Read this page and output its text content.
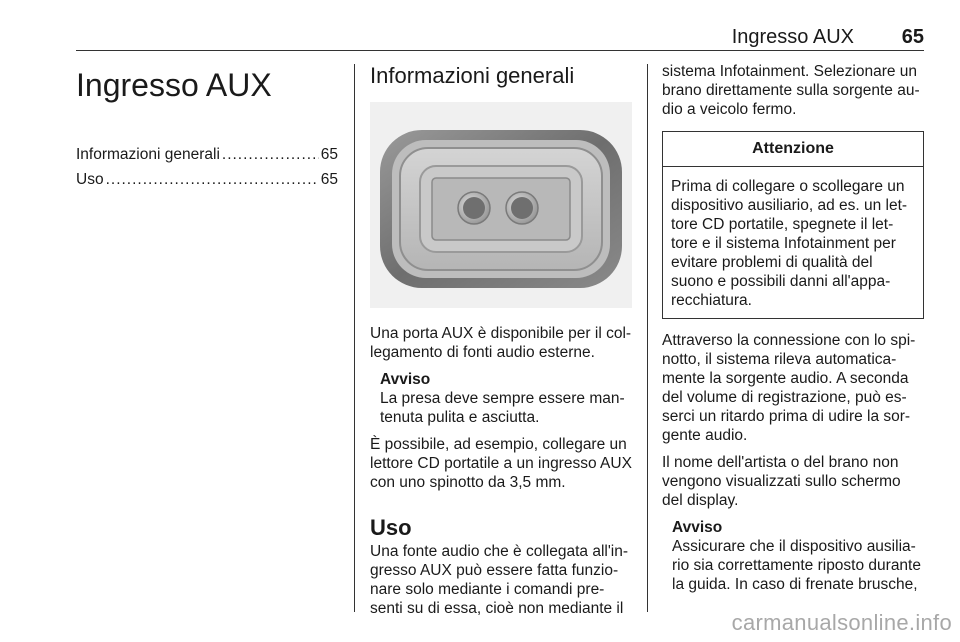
Ingresso AUX 65
Ingresso AUX
Informazioni generali .....	65
Uso .....	65
Informazioni generali

Una porta AUX è disponibile per il col-legamento di fonti audio esterne.

Avviso

La presa deve sempre essere man-tenuta pulita e asciutta.

È possibile, ad esempio, collegare un lettore CD portatile a un ingresso AUX con uno spinotto da 3,5 mm.

Uso

Una fonte audio che è collegata all'in-gresso AUX può essere fatta funzio-nare solo mediante i comandi pre-senti su di essa, cioè non mediante il

sistema Infotainment. Selezionare un brano direttamente sulla sorgente au-dio a veicolo fermo.

Attenzione
Prima di collegare o scollegare un dispositivo ausiliario, ad es. un let-tore CD portatile, spegnete il let-tore e il sistema Infotainment per evitare problemi di qualità del suono e possibili danni all'appa-recchiatura.

Attraverso la connessione con lo spi-notto, il sistema rileva automatica-mente la sorgente audio. A seconda del volume di registrazione, può es-serci un ritardo prima di udire la sor-gente audio.

Il nome dell'artista o del brano non vengono visualizzati sullo schermo del display.

Avviso

Assicurare che il dispositivo ausilia-rio sia correttamente riposto durante la guida. In caso di frenate brusche,

carmanualsonline.info
